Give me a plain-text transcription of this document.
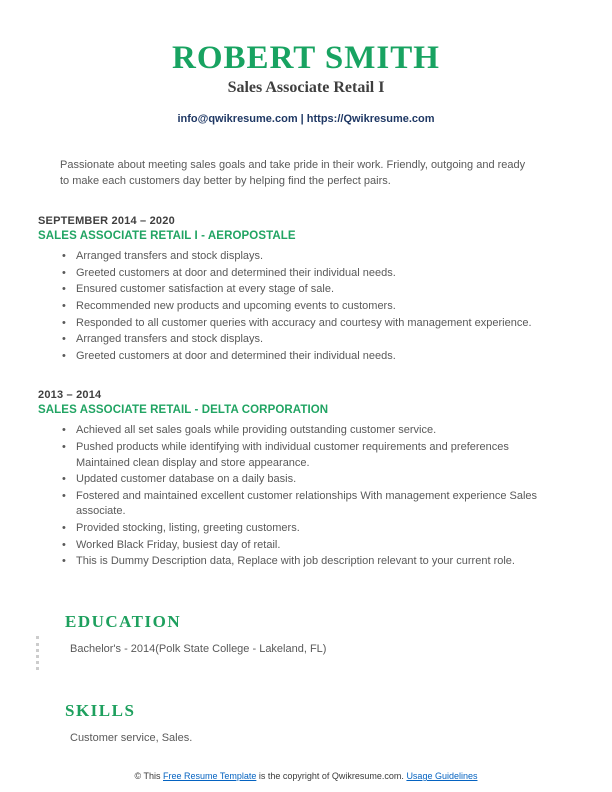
ROBERT SMITH
Sales Associate Retail I
info@qwikresume.com | https://Qwikresume.com

Passionate about meeting sales goals and take pride in their work. Friendly, outgoing and ready to make each customers day better by helping find the perfect pairs.

SEPTEMBER 2014 – 2020
SALES ASSOCIATE RETAIL I - AEROPOSTALE
• Arranged transfers and stock displays.
• Greeted customers at door and determined their individual needs.
• Ensured customer satisfaction at every stage of sale.
• Recommended new products and upcoming events to customers.
• Responded to all customer queries with accuracy and courtesy with management experience.
• Arranged transfers and stock displays.
• Greeted customers at door and determined their individual needs.
2013 – 2014
SALES ASSOCIATE RETAIL - DELTA CORPORATION
• Achieved all set sales goals while providing outstanding customer service.
• Pushed products while identifying with individual customer requirements and preferences Maintained clean display and store appearance.
• Updated customer database on a daily basis.
• Fostered and maintained excellent customer relationships With management experience Sales associate.
• Provided stocking, listing, greeting customers.
• Worked Black Friday, busiest day of retail.
• This is Dummy Description data, Replace with job description relevant to your current role.
EDUCATION
Bachelor's - 2014(Polk State College - Lakeland, FL)
SKILLS
Customer service, Sales.
© This Free Resume Template is the copyright of Qwikresume.com. Usage Guidelines
